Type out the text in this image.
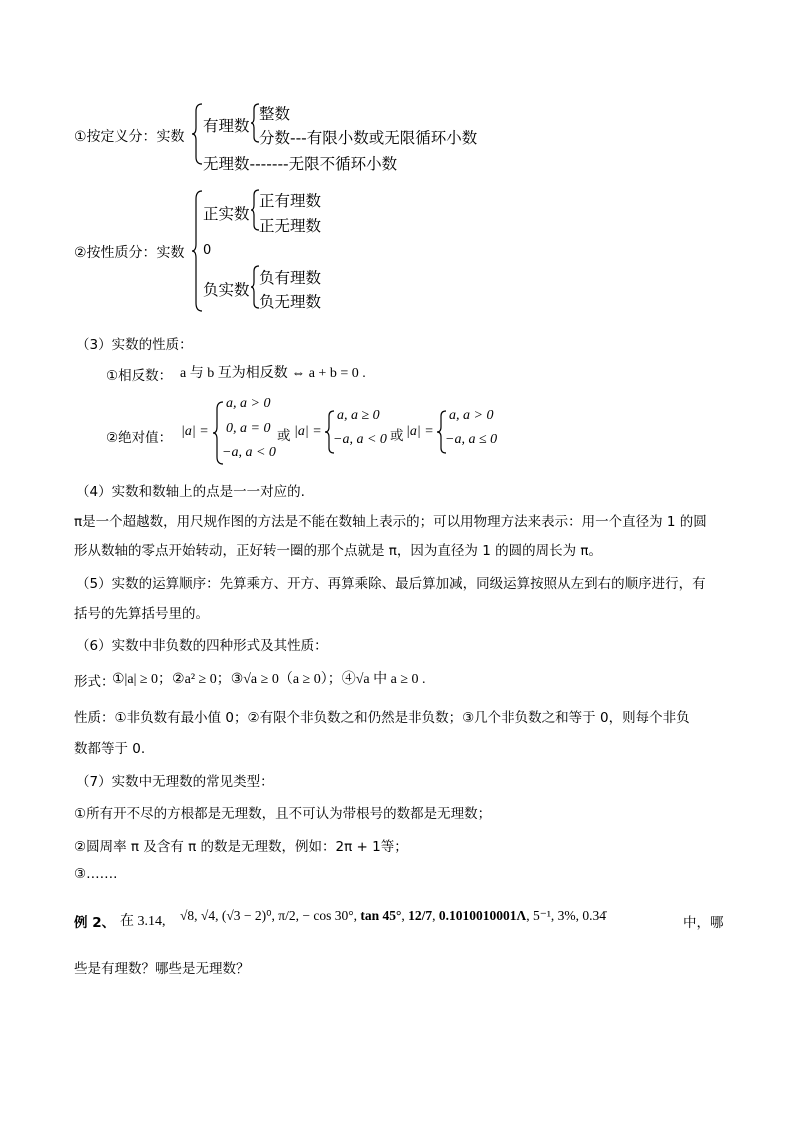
①按定义分：实数
有理数
整数
分数---有限小数或无限循环小数
无理数-------无限不循环小数
②按性质分：实数
正实数
正有理数
正无理数
0
负实数
负有理数
负无理数
（3）实数的性质：
①相反数： a 与 b 互为相反数 ⇔ a + b = 0 .
②绝对值： |a| =
a, a > 0
0, a = 0
−a, a < 0
或 |a| =
a, a ≥ 0
−a, a < 0 或 |a| =
a, a > 0
−a, a ≤ 0
（4）实数和数轴上的点是一一对应的.
π是一个超越数，用尺规作图的方法是不能在数轴上表示的；可以用物理方法来表示：用一个直径为 1 的圆
形从数轴的零点开始转动，正好转一圈的那个点就是 π，因为直径为 1 的圆的周长为 π。
（5）实数的运算顺序：先算乘方、开方、再算乘除、最后算加减，同级运算按照从左到右的顺序进行，有
括号的先算括号里的。
（6）实数中非负数的四种形式及其性质：
形式：
①|a| ≥ 0；②a² ≥ 0；③√a ≥ 0（a ≥ 0）；④√a 中 a ≥ 0 .
性质：①非负数有最小值 0；②有限个非负数之和仍然是非负数；③几个非负数之和等于 0，则每个非负
数都等于 0.
（7）实数中无理数的常见类型：
①所有开不尽的方根都是无理数，且不可认为带根号的数都是无理数；
②圆周率 π 及含有 π 的数是无理数，例如：2π + 1等；
③…….
例 2、 在 3.14, √8, √4, (√3 − 2)⁰, π/2, − cos 30°, tan 45°, 12/7, 0.1010010001Λ, 5⁻¹, 3%, 0.34̇	中，哪
些是有理数？哪些是无理数？
